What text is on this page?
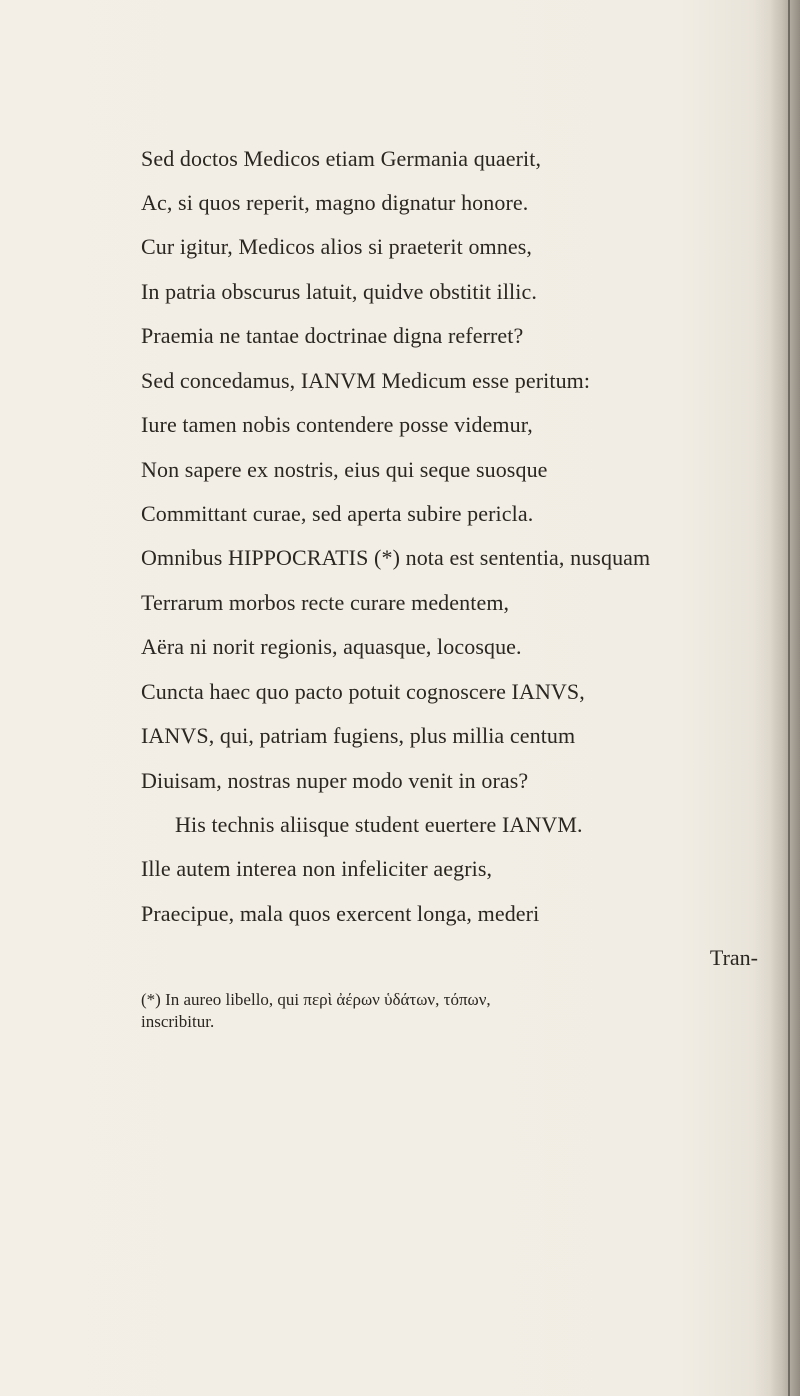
Sed doctos Medicos etiam Germania quaerit,
Ac, si quos reperit, magno dignatur honore.
Cur igitur, Medicos alios si praeterit omnes,
In patria obscurus latuit, quidve obstitit illic.
Praemia ne tantae doctrinae digna referret?
Sed concedamus, IANVM Medicum esse peritum:
Iure tamen nobis contendere posse videmur,
Non sapere ex nostris, eius qui seque suosque
Committant curae, sed aperta subire pericla.
Omnibus HIPPOCRATIS (*) nota est sententia, nusquam
Terrarum morbos recte curare medentem,
Aëra ni norit regionis, aquasque, locosque.
Cuncta haec quo pacto potuit cognoscere IANVS,
IANVS, qui, patriam fugiens, plus millia centum
Diuisam, nostras nuper modo venit in oras?
His technis aliisque student euertere IANVM.
Ille autem interea non infeliciter aegris,
Praecipue, mala quos exercent longa, mederi
Tran-
(*) In aureo libello, qui περὶ ἀέρων ὑδάτων, τόπων,
inscribitur.
